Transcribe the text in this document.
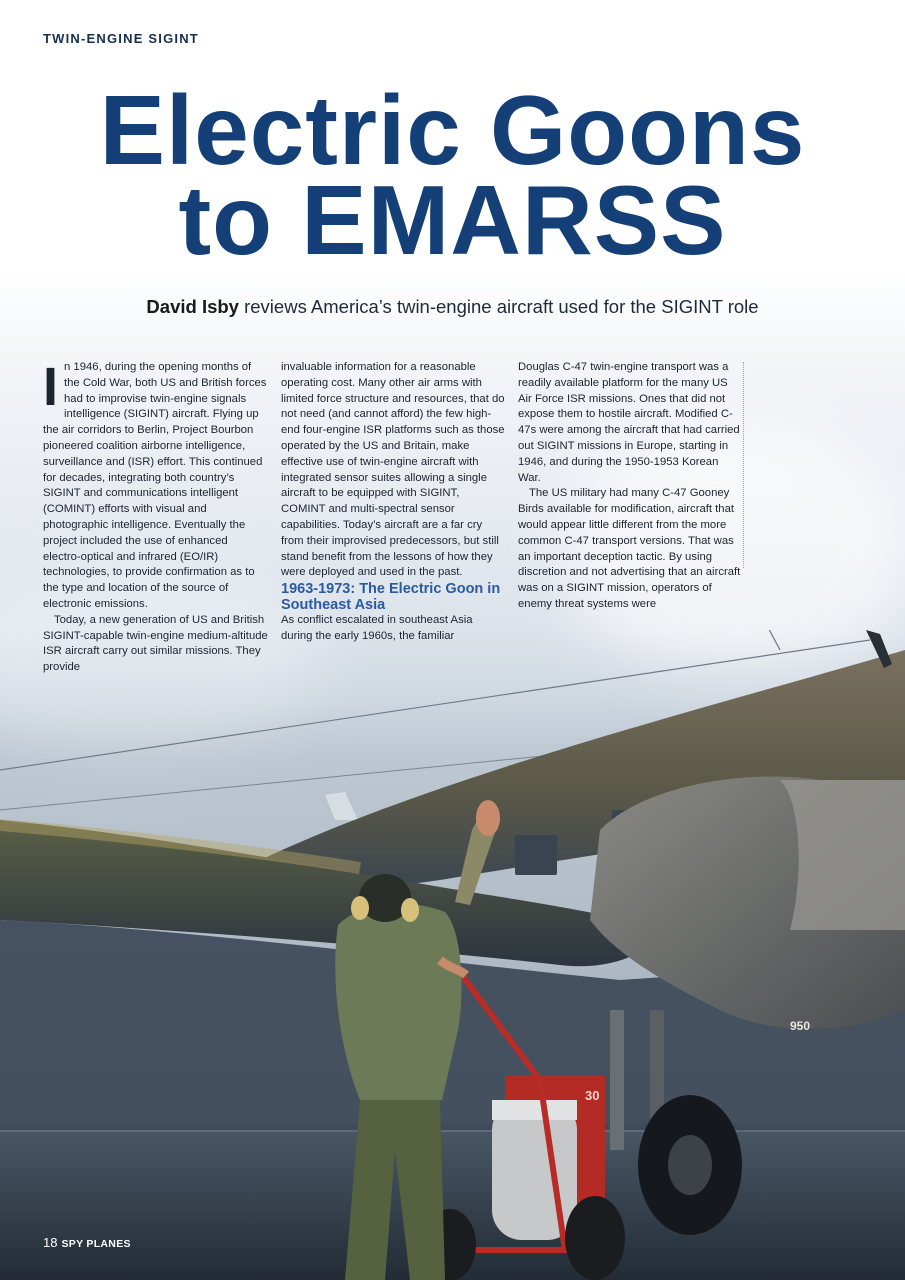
TWIN-ENGINE SIGINT
Electric Goons
to EMARSS
David Isby reviews America’s twin-engine aircraft used for the SIGINT role
950
30
I n 1946, during the opening months of the Cold War, both US and British forces had to improvise twin-engine signals intelligence (SIGINT) aircraft. Flying up the air corridors to Berlin, Project Bourbon pioneered coalition airborne intelligence, surveillance and (ISR) effort. This continued for decades, integrating both country’s SIGINT and communications intelligent (COMINT) efforts with visual and photographic intelligence. Eventually the project included the use of enhanced electro-optical and infrared (EO/IR) technologies, to provide confirmation as to the type and location of the source of electronic emissions.

Today, a new generation of US and British SIGINT-capable twin-engine medium-altitude ISR aircraft carry out similar missions. They provide

invaluable information for a reasonable operating cost. Many other air arms with limited force structure and resources, that do not need (and cannot afford) the few high-end four-engine ISR platforms such as those operated by the US and Britain, make effective use of twin-engine aircraft with integrated sensor suites allowing a single aircraft to be equipped with SIGINT, COMINT and multi-spectral sensor capabilities. Today’s aircraft are a far cry from their improvised predecessors, but still stand benefit from the lessons of how they were deployed and used in the past.

1963-1973: The Electric Goon in Southeast Asia

As conflict escalated in southeast Asia during the early 1960s, the familiar

Douglas C-47 twin-engine transport was a readily available platform for the many US Air Force ISR missions. Ones that did not expose them to hostile aircraft. Modified C-47s were among the aircraft that had carried out SIGINT missions in Europe, starting in 1946, and during the 1950-1953 Korean War.

The US military had many C-47 Gooney Birds available for modification, aircraft that would appear little different from the more common C-47 transport versions. That was an important deception tactic. By using discretion and not advertising that an aircraft was on a SIGINT mission, operators of enemy threat systems were

18 SPY PLANES
